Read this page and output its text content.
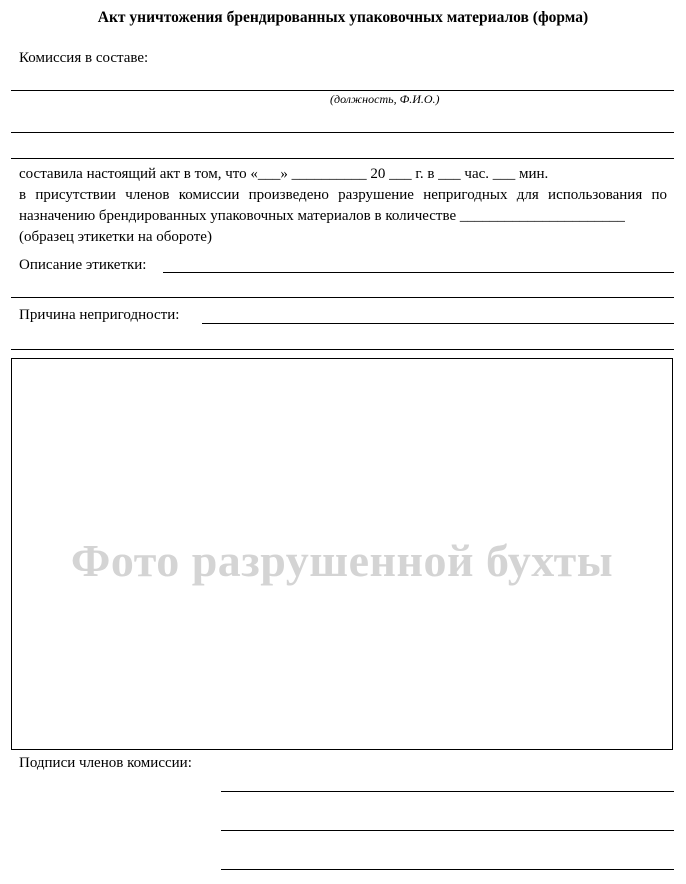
Акт уничтожения брендированных упаковочных материалов (форма)
Комиссия в составе:
(должность, Ф.И.О.)
составила настоящий акт в том, что «___» __________ 20 ___ г. в ___ час. ___ мин.
в присутствии членов комиссии произведено разрушение непригодных для использования по
назначению брендированных упаковочных материалов в количестве ______________________
(образец этикетки на обороте)
Описание этикетки:
Причина непригодности:
Фото разрушенной бухты
Подписи членов комиссии:
